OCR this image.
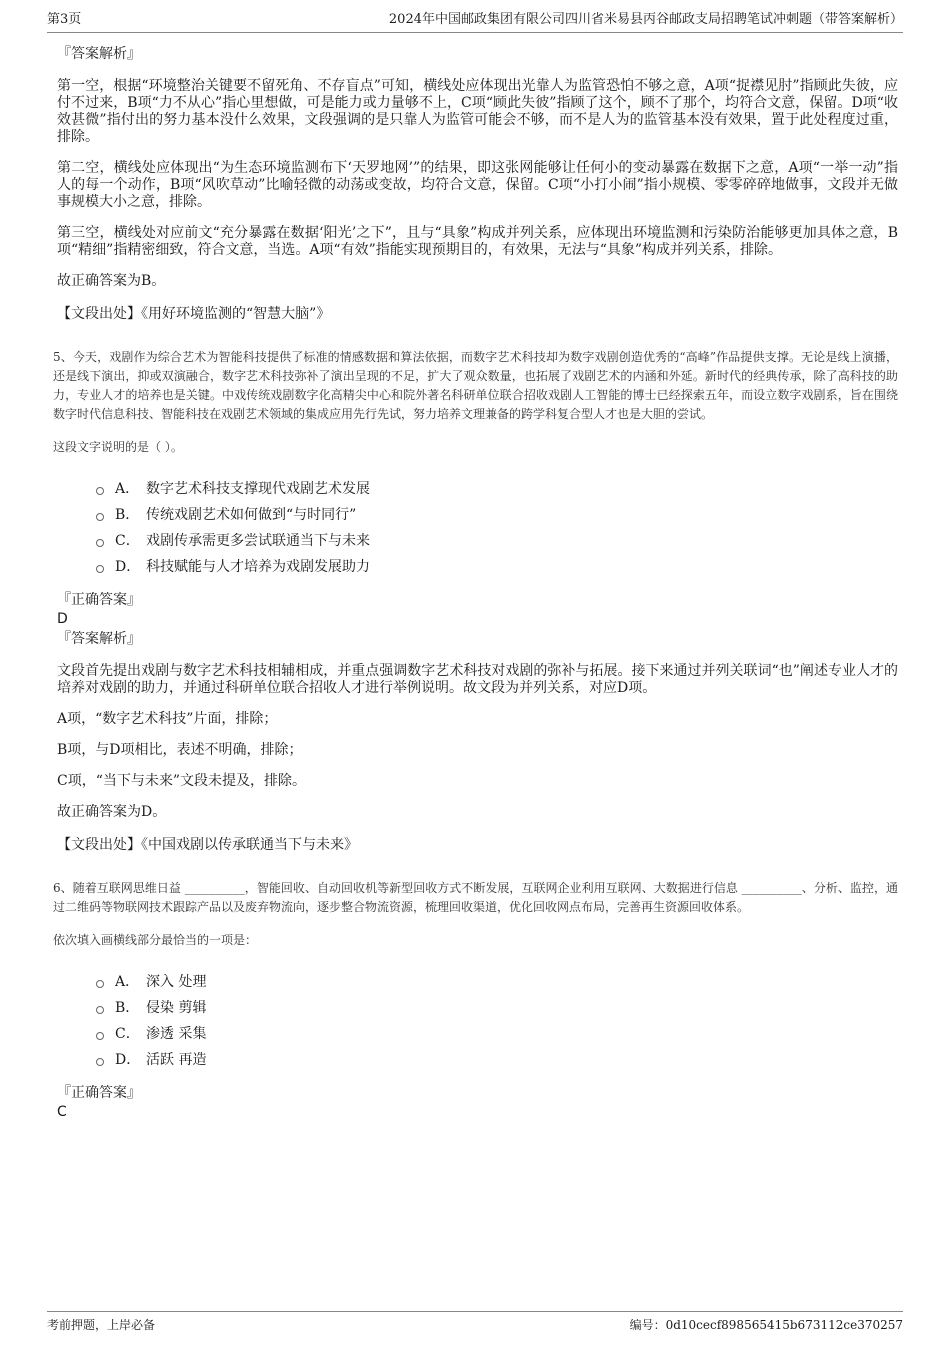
第3页	2024年中国邮政集团有限公司四川省米易县丙谷邮政支局招聘笔试冲刺题（带答案解析）
『答案解析』

第一空，根据“环境整治关键要不留死角、不存盲点”可知，横线处应体现出光靠人为监管恐怕不够之意，A项“捉襟见肘”指顾此失彼，应付不过来，B项“力不从心”指心里想做，可是能力或力量够不上，C项“顾此失彼”指顾了这个，顾不了那个，均符合文意，保留。D项“收效甚微”指付出的努力基本没什么效果，文段强调的是只靠人为监管可能会不够，而不是人为的监管基本没有效果，置于此处程度过重，排除。

第二空，横线处应体现出“为生态环境监测布下‘天罗地网’”的结果，即这张网能够让任何小的变动暴露在数据下之意，A项“一举一动”指人的每一个动作，B项“风吹草动”比喻轻微的动荡或变故，均符合文意，保留。C项“小打小闹”指小规模、零零碎碎地做事，文段并无做事规模大小之意，排除。

第三空，横线处对应前文“充分暴露在数据‘阳光’之下”，且与“具象”构成并列关系，应体现出环境监测和污染防治能够更加具体之意，B项“精细”指精密细致，符合文意，当选。A项“有效”指能实现预期目的，有效果，无法与“具象”构成并列关系，排除。

故正确答案为B。

【文段出处】《用好环境监测的“智慧大脑”》

5、今天，戏剧作为综合艺术为智能科技提供了标准的情感数据和算法依据，而数字艺术科技却为数字戏剧创造优秀的“高峰”作品提供支撑。无论是线上演播，还是线下演出，抑或双演融合，数字艺术科技弥补了演出呈现的不足，扩大了观众数量，也拓展了戏剧艺术的内涵和外延。新时代的经典传承，除了高科技的助力，专业人才的培养也是关键。中戏传统戏剧数字化高精尖中心和院外著名科研单位联合招收戏剧人工智能的博士已经探索五年，而设立数字戏剧系，旨在围绕数字时代信息科技、智能科技在戏剧艺术领域的集成应用先行先试，努力培养文理兼备的跨学科复合型人才也是大胆的尝试。

这段文字说明的是（ ）。
A． 数字艺术科技支撑现代戏剧艺术发展
B． 传统戏剧艺术如何做到“与时同行”
C． 戏剧传承需更多尝试联通当下与未来
D． 科技赋能与人才培养为戏剧发展助力
『正确答案』
D
『答案解析』

文段首先提出戏剧与数字艺术科技相辅相成，并重点强调数字艺术科技对戏剧的弥补与拓展。接下来通过并列关联词“也”阐述专业人才的培养对戏剧的助力，并通过科研单位联合招收人才进行举例说明。故文段为并列关系，对应D项。

A项，“数字艺术科技”片面，排除；

B项，与D项相比，表述不明确，排除；

C项，“当下与未来”文段未提及，排除。

故正确答案为D。

【文段出处】《中国戏剧以传承联通当下与未来》

6、随着互联网思维日益 __________，智能回收、自动回收机等新型回收方式不断发展，互联网企业利用互联网、大数据进行信息 __________、分析、监控，通过二维码等物联网技术跟踪产品以及废弃物流向，逐步整合物流资源，梳理回收渠道，优化回收网点布局，完善再生资源回收体系。

依次填入画横线部分最恰当的一项是：
A． 深入 处理
B． 侵染 剪辑
C． 渗透 采集
D． 活跃 再造
『正确答案』
C
考前押题，上岸必备	编号：0d10cecf898565415b673112ce370257
